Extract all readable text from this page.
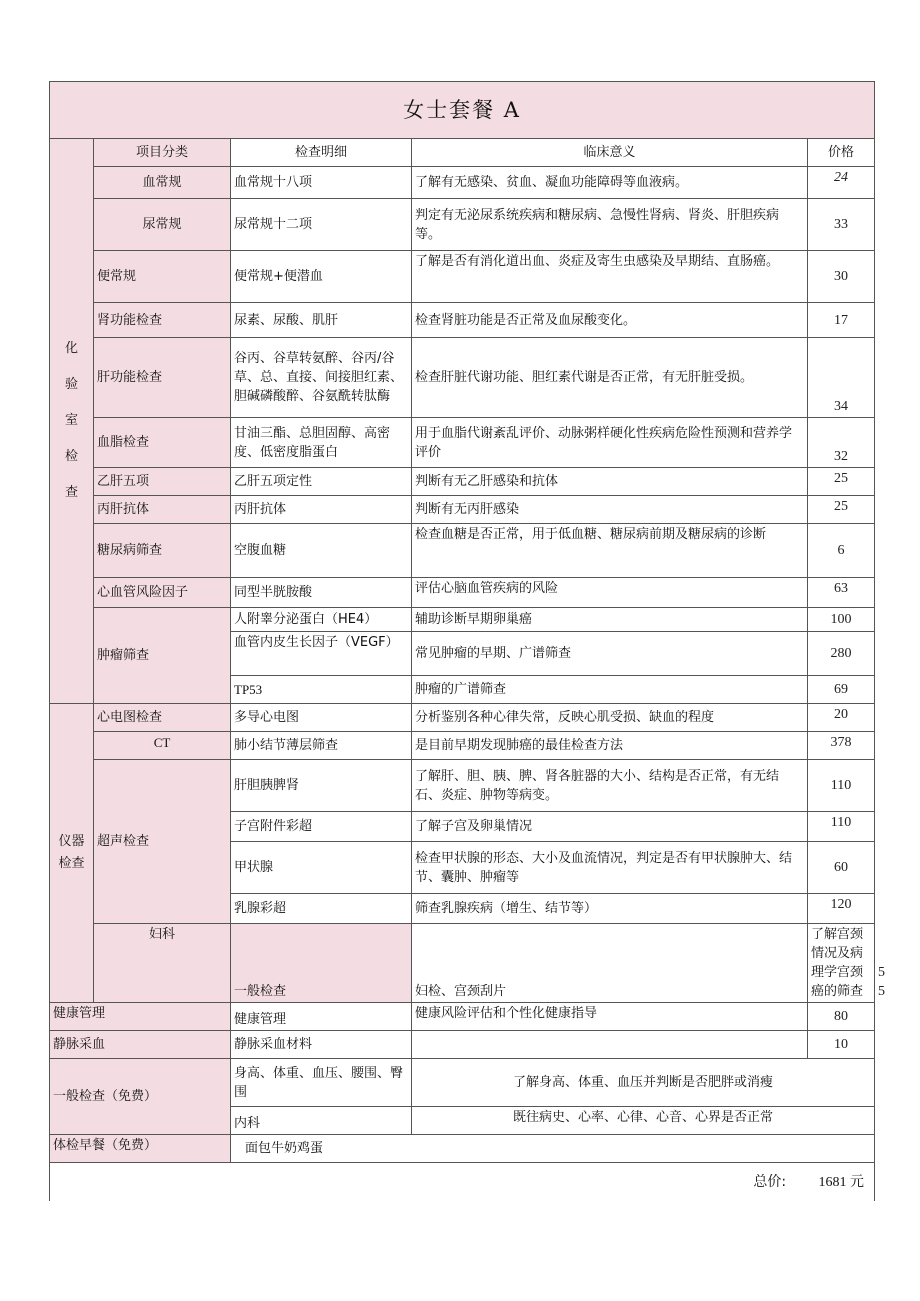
女士套餐 A					

化
验
室
检
查	项目分类	检查明细	临床意义	价格	
	血常规	血常规十八项	了解有无感染、贫血、凝血功能障碍等血液病。	24	
	尿常规	尿常规十二项	判定有无泌尿系统疾病和糖尿病、急慢性肾病、肾炎、肝胆疾病等。	33	
	便常规	便常规+便潜血	了解是否有消化道出血、炎症及寄生虫感染及早期结、直肠癌。	30	
	肾功能检查	尿素、尿酸、肌肝	检查肾脏功能是否正常及血尿酸变化。	17	
	肝功能检查	谷丙、谷草转氨醉、谷丙/谷草、总、直接、间接胆红素、胆碱磷酸醉、谷氨酰转肽酶	检查肝脏代谢功能、胆红素代谢是否正常，有无肝脏受损。	34	
	血脂检查	甘油三酯、总胆固醇、高密度、低密度脂蛋白	用于血脂代谢紊乱评价、动脉粥样硬化性疾病危险性预测和营养学评价	32	
	乙肝五项	乙肝五项定性	判断有无乙肝感染和抗体	25	
	丙肝抗体	丙肝抗体	判断有无丙肝感染	25	
	糖尿病筛查	空腹血糖	检查血糖是否正常，用于低血糖、糖尿病前期及糖尿病的诊断	6	
	心血管风险因子	同型半胱胺酸	评估心脑血管疾病的风险	63	
	肿瘤筛查	人附睾分泌蛋白（HE4）	辅助诊断早期卵巢癌	100	
		血管内皮生长因子（VEGF）	常见肿瘤的早期、广谱筛查	280	
		TP53	肿瘤的广谱筛查	69	

仪器
检查	心电图检查	多导心电图	分析鉴别各种心律失常，反映心肌受损、缺血的程度	20	
	CT	肺小结节薄层筛查	是目前早期发现肺癌的最佳检查方法	378	
	超声检查	肝胆胰脾肾	了解肝、胆、胰、脾、肾各脏器的大小、结构是否正常，有无结石、炎症、肿物等病变。	110	
		子宫附件彩超	了解子宫及卵巢情况	110	
		甲状腺	检查甲状腺的形态、大小及血流情况，判定是否有甲状腺肿大、结节、囊肿、肿瘤等	60	
		乳腺彩超	筛查乳腺疾病（增生、结节等）	120	
	妇科	一般检查	妇检、宫颈刮片	了解宫颈情况及病理学宫颈癌的筛查	55
健康管理		健康管理	健康风险评估和个性化健康指导	80	
静脉采血		静脉采血材料		10	
一般检查（免费）		身高、体重、血压、腰围、臀围	了解身高、体重、血压并判断是否肥胖或消瘦		
		内科	既往病史、心率、心律、心音、心界是否正常		
体检早餐（免费）		面包牛奶鸡蛋			
总价: 1681 元					
